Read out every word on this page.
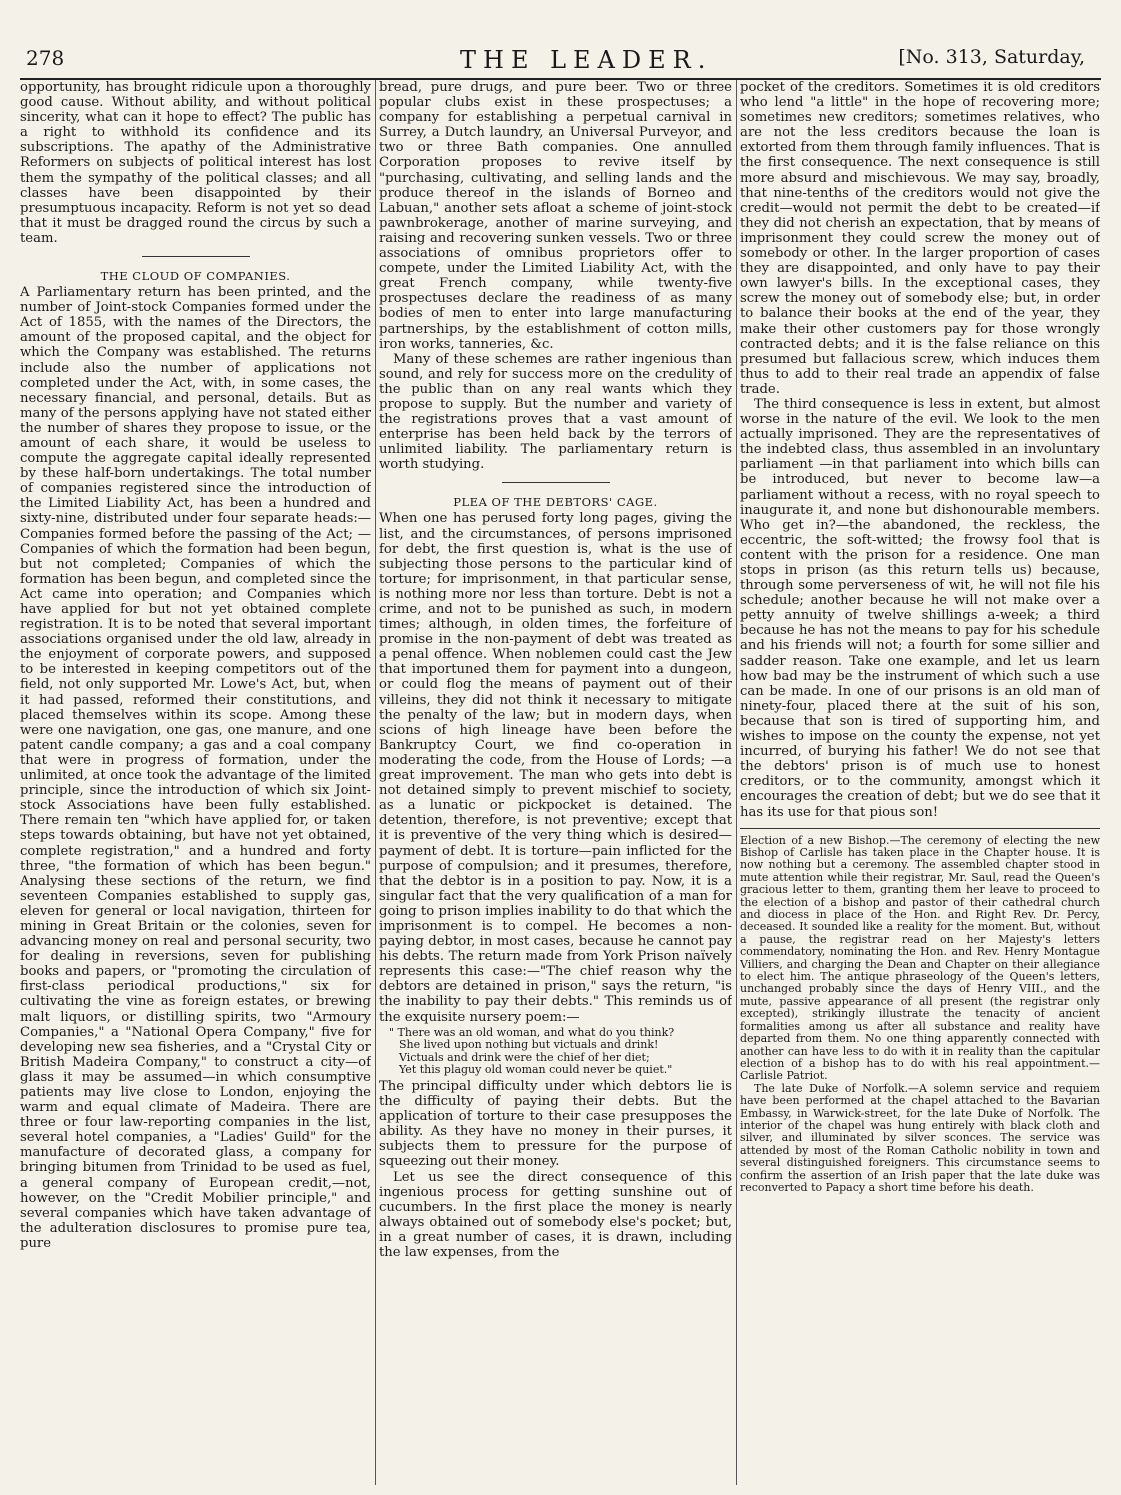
278	THE LEADER.	[No. 313, Saturday,

opportunity, has brought ridicule upon a thoroughly good cause. Without ability, and without political sincerity, what can it hope to effect? The public has a right to withhold its confidence and its subscriptions. The apathy of the Administrative Reformers on subjects of political interest has lost them the sympathy of the political classes; and all classes have been disappointed by their presumptuous incapacity. Reform is not yet so dead that it must be dragged round the circus by such a team.

THE CLOUD OF COMPANIES.

A Parliamentary return has been printed, and the number of Joint-stock Companies formed under the Act of 1855, with the names of the Directors, the amount of the proposed capital, and the object for which the Company was established. The returns include also the number of applications not completed under the Act, with, in some cases, the necessary financial, and personal, details. But as many of the persons applying have not stated either the number of shares they propose to issue, or the amount of each share, it would be useless to compute the aggregate capital ideally represented by these half-born undertakings. The total number of companies registered since the introduction of the Limited Liability Act, has been a hundred and sixty-nine, distributed under four separate heads:—Companies formed before the passing of the Act; —Companies of which the formation had been begun, but not completed; Companies of which the formation has been begun, and completed since the Act came into operation; and Companies which have applied for but not yet obtained complete registration. It is to be noted that several important associations organised under the old law, already in the enjoyment of corporate powers, and supposed to be interested in keeping competitors out of the field, not only supported Mr. Lowe's Act, but, when it had passed, reformed their constitutions, and placed themselves within its scope. Among these were one navigation, one gas, one manure, and one patent candle company; a gas and a coal company that were in progress of formation, under the unlimited, at once took the advantage of the limited principle, since the introduction of which six Joint-stock Associations have been fully established. There remain ten "which have applied for, or taken steps towards obtaining, but have not yet obtained, complete registration," and a hundred and forty three, "the formation of which has been begun." Analysing these sections of the return, we find seventeen Companies established to supply gas, eleven for general or local navigation, thirteen for mining in Great Britain or the colonies, seven for advancing money on real and personal security, two for dealing in reversions, seven for publishing books and papers, or "promoting the circulation of first-class periodical productions," six for cultivating the vine as foreign estates, or brewing malt liquors, or distilling spirits, two "Armoury Companies," a "National Opera Company," five for developing new sea fisheries, and a "Crystal City or British Madeira Company," to construct a city—of glass it may be assumed—in which consumptive patients may live close to London, enjoying the warm and equal climate of Madeira. There are three or four law-reporting companies in the list, several hotel companies, a "Ladies' Guild" for the manufacture of decorated glass, a company for bringing bitumen from Trinidad to be used as fuel, a general company of European credit,—not, however, on the "Credit Mobilier principle," and several companies which have taken advantage of the adulteration disclosures to promise pure tea, pure

bread, pure drugs, and pure beer. Two or three popular clubs exist in these prospectuses; a company for establishing a perpetual carnival in Surrey, a Dutch laundry, an Universal Purveyor, and two or three Bath companies. One annulled Corporation proposes to revive itself by "purchasing, cultivating, and selling lands and the produce thereof in the islands of Borneo and Labuan," another sets afloat a scheme of joint-stock pawnbrokerage, another of marine surveying, and raising and recovering sunken vessels. Two or three associations of omnibus proprietors offer to compete, under the Limited Liability Act, with the great French company, while twenty-five prospectuses declare the readiness of as many bodies of men to enter into large manufacturing partnerships, by the establishment of cotton mills, iron works, tanneries, &c.

Many of these schemes are rather ingenious than sound, and rely for success more on the credulity of the public than on any real wants which they propose to supply. But the number and variety of the registrations proves that a vast amount of enterprise has been held back by the terrors of unlimited liability. The parliamentary return is worth studying.

PLEA OF THE DEBTORS' CAGE.

When one has perused forty long pages, giving the list, and the circumstances, of persons imprisoned for debt, the first question is, what is the use of subjecting those persons to the particular kind of torture; for imprisonment, in that particular sense, is nothing more nor less than torture. Debt is not a crime, and not to be punished as such, in modern times; although, in olden times, the forfeiture of promise in the non-payment of debt was treated as a penal offence. When noblemen could cast the Jew that importuned them for payment into a dungeon, or could flog the means of payment out of their villeins, they did not think it necessary to mitigate the penalty of the law; but in modern days, when scions of high lineage have been before the Bankruptcy Court, we find co-operation in moderating the code, from the House of Lords; —a great improvement. The man who gets into debt is not detained simply to prevent mischief to society, as a lunatic or pickpocket is detained. The detention, therefore, is not preventive; except that it is preventive of the very thing which is desired—payment of debt. It is torture—pain inflicted for the purpose of compulsion; and it presumes, therefore, that the debtor is in a position to pay. Now, it is a singular fact that the very qualification of a man for going to prison implies inability to do that which the imprisonment is to compel. He becomes a non-paying debtor, in most cases, because he cannot pay his debts. The return made from York Prison naïvely represents this case:—"The chief reason why the debtors are detained in prison," says the return, "is the inability to pay their debts." This reminds us of the exquisite nursery poem:—

" There was an old woman, and what do you think?
She lived upon nothing but victuals and drink!
Victuals and drink were the chief of her diet;
Yet this plaguy old woman could never be quiet."

The principal difficulty under which debtors lie is the difficulty of paying their debts. But the application of torture to their case presupposes the ability. As they have no money in their purses, it subjects them to pressure for the purpose of squeezing out their money.

Let us see the direct consequence of this ingenious process for getting sunshine out of cucumbers. In the first place the money is nearly always obtained out of somebody else's pocket; but, in a great number of cases, it is drawn, including the law expenses, from the

pocket of the creditors. Sometimes it is old creditors who lend "a little" in the hope of recovering more; sometimes new creditors; sometimes relatives, who are not the less creditors because the loan is extorted from them through family influences. That is the first consequence. The next consequence is still more absurd and mischievous. We may say, broadly, that nine-tenths of the creditors would not give the credit—would not permit the debt to be created—if they did not cherish an expectation, that by means of imprisonment they could screw the money out of somebody or other. In the larger proportion of cases they are disappointed, and only have to pay their own lawyer's bills. In the exceptional cases, they screw the money out of somebody else; but, in order to balance their books at the end of the year, they make their other customers pay for those wrongly contracted debts; and it is the false reliance on this presumed but fallacious screw, which induces them thus to add to their real trade an appendix of false trade.

The third consequence is less in extent, but almost worse in the nature of the evil. We look to the men actually imprisoned. They are the representatives of the indebted class, thus assembled in an involuntary parliament —in that parliament into which bills can be introduced, but never to become law—a parliament without a recess, with no royal speech to inaugurate it, and none but dishonourable members. Who get in?—the abandoned, the reckless, the eccentric, the soft-witted; the frowsy fool that is content with the prison for a residence. One man stops in prison (as this return tells us) because, through some perverseness of wit, he will not file his schedule; another because he will not make over a petty annuity of twelve shillings a-week; a third because he has not the means to pay for his schedule and his friends will not; a fourth for some sillier and sadder reason. Take one example, and let us learn how bad may be the instrument of which such a use can be made. In one of our prisons is an old man of ninety-four, placed there at the suit of his son, because that son is tired of supporting him, and wishes to impose on the county the expense, not yet incurred, of burying his father! We do not see that the debtors' prison is of much use to honest creditors, or to the community, amongst which it encourages the creation of debt; but we do see that it has its use for that pious son!

Election of a new Bishop.—The ceremony of electing the new Bishop of Carlisle has taken place in the Chapter house. It is now nothing but a ceremony. The assembled chapter stood in mute attention while their registrar, Mr. Saul, read the Queen's gracious letter to them, granting them her leave to proceed to the election of a bishop and pastor of their cathedral church and diocess in place of the Hon. and Right Rev. Dr. Percy, deceased. It sounded like a reality for the moment. But, without a pause, the registrar read on her Majesty's letters commendatory, nominating the Hon. and Rev. Henry Montague Villiers, and charging the Dean and Chapter on their allegiance to elect him. The antique phraseology of the Queen's letters, unchanged probably since the days of Henry VIII., and the mute, passive appearance of all present (the registrar only excepted), strikingly illustrate the tenacity of ancient formalities among us after all substance and reality have departed from them. No one thing apparently connected with another can have less to do with it in reality than the capitular election of a bishop has to do with his real appointment.—Carlisle Patriot.

The late Duke of Norfolk.—A solemn service and requiem have been performed at the chapel attached to the Bavarian Embassy, in Warwick-street, for the late Duke of Norfolk. The interior of the chapel was hung entirely with black cloth and silver, and illuminated by silver sconces. The service was attended by most of the Roman Catholic nobility in town and several distinguished foreigners. This circumstance seems to confirm the assertion of an Irish paper that the late duke was reconverted to Papacy a short time before his death.
